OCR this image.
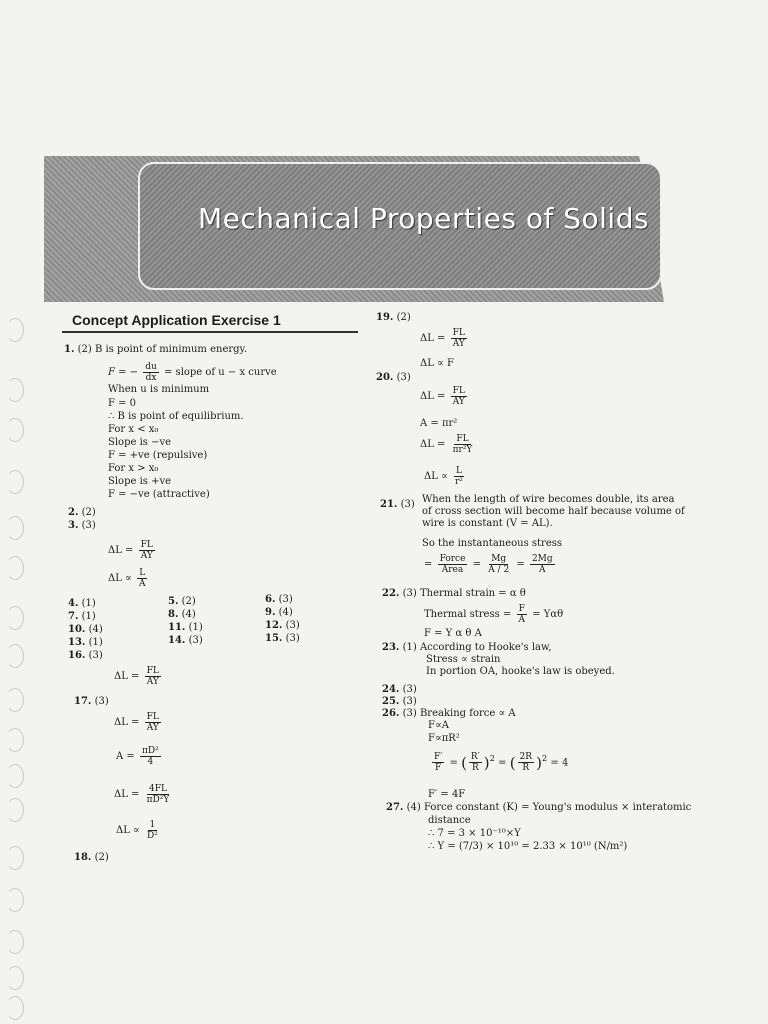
Mechanical Properties of Solids
Concept Application Exercise 1
1. (2) B is point of minimum energy.
F = − $\frac{du}{dx}$ = slope of u − x curve
When u is minimum
F = 0
∴ B is point of equilibrium.
For x < x₀
Slope is −ve
F = +ve (repulsive)
For x > x₀
Slope is +ve
F = −ve (attractive)
2. (2)
3. (3)
$\Delta L = \frac{FL}{AY}$
$\Delta L \propto \frac{L}{A}$
4. (1)	5. (2)	6. (3)
7. (1)	8. (4)	9. (4)
10. (4)	11. (1)	12. (3)
13. (1)	14. (3)	15. (3)
16. (3)
$\Delta L = \frac{FL}{AY}$
17. (3)
$\Delta L = \frac{FL}{AY}$
$A = \frac{\text{πD²}}{4}$
$\Delta L = \frac{4FL}{\text{πD²Y}}$
$\Delta L \propto \frac{1}{\text{D²}}$
18. (2)
19. (2)
$\Delta L = \frac{FL}{AY}$
ΔL ∝ F
20. (3)
$\Delta L = \frac{FL}{AY}$
A = πr²
$\Delta L = \frac{FL}{\text{πr²Y}}$
$\Delta L \propto \frac{L}{\text{r²}}$
21. (3) When the length of wire becomes double, its area of cross section will become half because volume of wire is constant (V = AL).
So the instantaneous stress
= $\frac{\text{Force}}{\text{Area}} = \frac{Mg}{A / 2} = \frac{2Mg}{A}$
22. (3) Thermal strain = α θ
Thermal stress = $\frac{F}{A} = Y\alpha\theta$
F = Y α θ A
23. (1) According to Hooke's law,
Stress ∝ strain
In portion OA, hooke's law is obeyed.
24. (3)
25. (3)
26. (3) Breaking force ∝ A
F∝A
F∝πR²
$\frac{F'}{F}$ = ( $\frac{R'}{R} )^2$ = ( $\frac{2R}{R} )^2 = 4$
F′ = 4F
27. (4) Force constant (K) = Young's modulus × interatomic
distance
∴ 7 = 3 × 10⁻¹⁰×Y
∴ Y = (7/3) × 10¹⁰ = 2.33 × 10¹⁰ (N/m²)
